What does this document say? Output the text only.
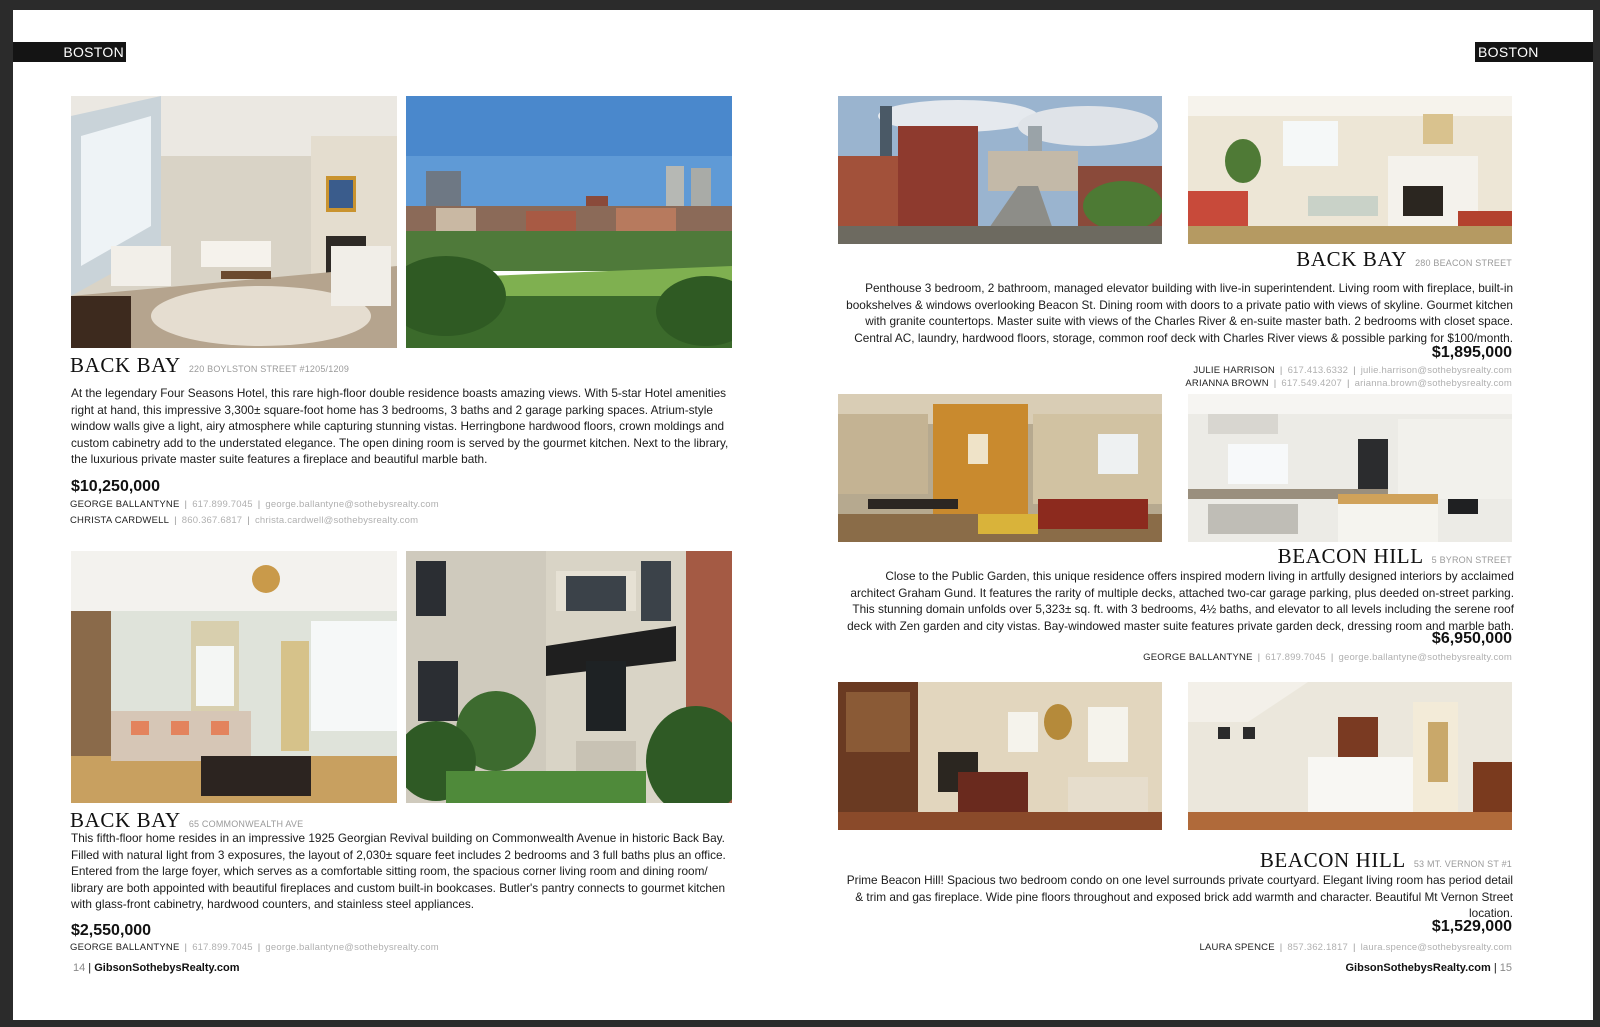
BOSTON
BACK BAY 220 BOYLSTON STREET #1205/1209
At the legendary Four Seasons Hotel, this rare high-floor double residence boasts amazing views. With 5-star Hotel amenities right at hand, this impressive 3,300± square-foot home has 3 bedrooms, 3 baths and 2 garage parking spaces. Atrium-style window walls give a light, airy atmosphere while capturing stunning vistas. Herringbone hardwood floors, crown moldings and custom cabinetry add to the understated elegance. The open dining room is served by the gourmet kitchen. Next to the library, the luxurious private master suite features a fireplace and beautiful marble bath.
$10,250,000
GEORGE BALLANTYNE | 617.899.7045 | george.ballantyne@sothebysrealty.com
CHRISTA CARDWELL | 860.367.6817 | christa.cardwell@sothebysrealty.com
BACK BAY 65 COMMONWEALTH AVE
This fifth-floor home resides in an impressive 1925 Georgian Revival building on Commonwealth Avenue in historic Back Bay. Filled with natural light from 3 exposures, the layout of 2,030± square feet includes 2 bedrooms and 3 full baths plus an office. Entered from the large foyer, which serves as a comfortable sitting room, the spacious corner living room and dining room/ library are both appointed with beautiful fireplaces and custom built-in bookcases. Butler's pantry connects to gourmet kitchen with glass-front cabinetry, hardwood counters, and stainless steel appliances.
$2,550,000
GEORGE BALLANTYNE | 617.899.7045 | george.ballantyne@sothebysrealty.com
14 | GibsonSothebysRealty.com
BOSTON
BACK BAY 280 BEACON STREET
Penthouse 3 bedroom, 2 bathroom, managed elevator building with live-in superintendent. Living room with fireplace, built-in bookshelves & windows overlooking Beacon St. Dining room with doors to a private patio with views of skyline. Gourmet kitchen with granite countertops. Master suite with views of the Charles River & en-suite master bath. 2 bedrooms with closet space. Central AC, laundry, hardwood floors, storage, common roof deck with Charles River views & possible parking for $100/month.
$1,895,000
JULIE HARRISON | 617.413.6332 | julie.harrison@sothebysrealty.com
ARIANNA BROWN | 617.549.4207 | arianna.brown@sothebysrealty.com
BEACON HILL 5 BYRON STREET
Close to the Public Garden, this unique residence offers inspired modern living in artfully designed interiors by acclaimed architect Graham Gund. It features the rarity of multiple decks, attached two-car garage parking, plus deeded on-street parking. This stunning domain unfolds over 5,323± sq. ft. with 3 bedrooms, 4½ baths, and elevator to all levels including the serene roof deck with Zen garden and city vistas. Bay-windowed master suite features private garden deck, dressing room and marble bath.
$6,950,000
GEORGE BALLANTYNE | 617.899.7045 | george.ballantyne@sothebysrealty.com
BEACON HILL 53 MT. VERNON ST #1
Prime Beacon Hill! Spacious two bedroom condo on one level surrounds private courtyard. Elegant living room has period detail & trim and gas fireplace. Wide pine floors throughout and exposed brick add warmth and character. Beautiful Mt Vernon Street location.
$1,529,000
LAURA SPENCE | 857.362.1817 | laura.spence@sothebysrealty.com
GibsonSothebysRealty.com | 15
